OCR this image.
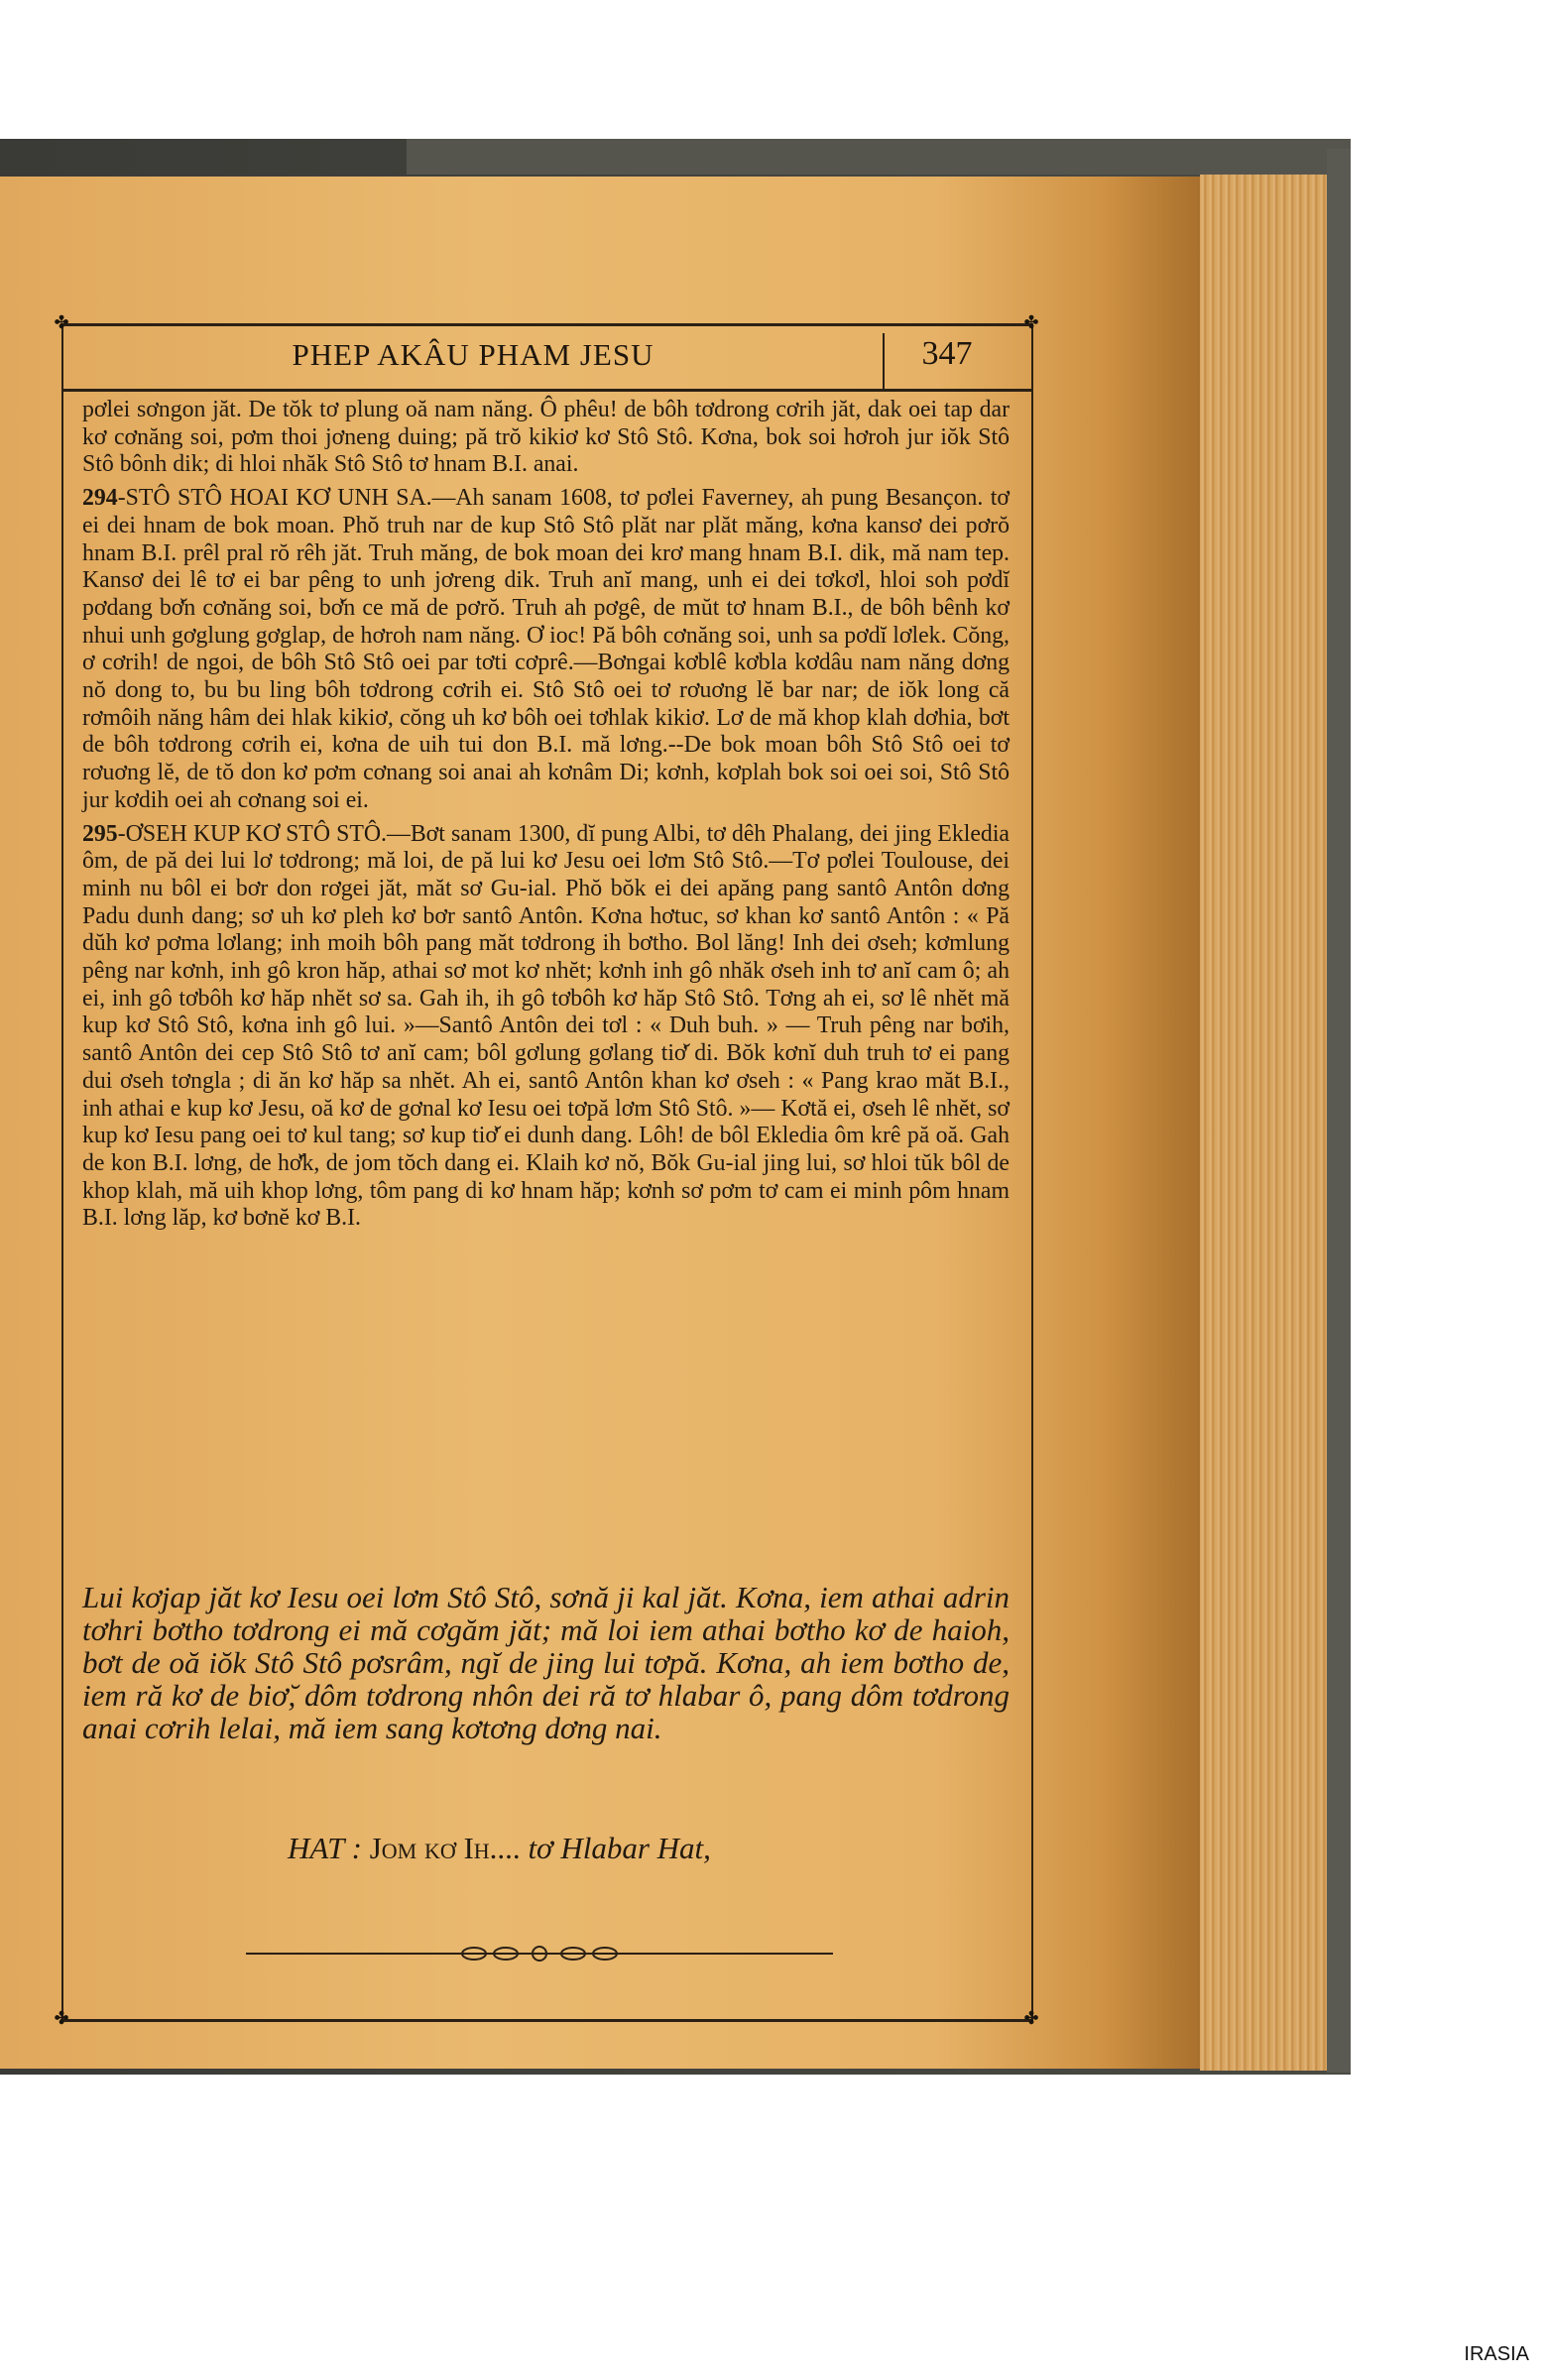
✤	✤
✤	✤
PHEP AKÂU PHAM JESU	347

pơlei sơngon jăt. De tŏk tơ plung oă nam năng. Ô phêu! de bôh tơdrong cơrih jăt, dak oei tap dar kơ cơnăng soi, pơm thoi jơneng duing; pă trŏ kikiơ kơ Stô Stô. Kơna, bok soi hơroh jur iŏk Stô Stô bônh dik; di hloi nhăk Stô Stô tơ hnam B.I. anai.

294-STÔ STÔ HOAI KƠ UNH SA.—Ah sanam 1608, tơ pơlei Faverney, ah pung Besançon. tơ ei dei hnam de bok moan. Phŏ truh nar de kup Stô Stô plăt nar plăt măng, kơna kansơ dei pơrŏ hnam B.I. prêl pral rŏ rêh jăt. Truh măng, de bok moan dei krơ mang hnam B.I. dik, mă nam tep. Kansơ dei lê tơ ei bar pêng to unh jơreng dik. Truh anĭ mang, unh ei dei tơkơl, hloi soh pơdĭ pơdang bơ̆n cơnăng soi, bơ̆n ce mă de pơrŏ. Truh ah pơgê, de mŭt tơ hnam B.I., de bôh bênh kơ nhui unh gơglung gơglap, de hơroh nam năng. Ơ ioc! Pă bôh cơnăng soi, unh sa pơdĭ lơlek. Cŏng, ơ cơrih! de ngoi, de bôh Stô Stô oei par tơti cơprê.—Bơngai kơblê kơbla kơdâu nam năng dơng nŏ dong to, bu bu ling bôh tơdrong cơrih ei. Stô Stô oei tơ rơuơng lĕ bar nar; de iŏk long că rơmôih năng hâm dei hlak kikiơ, cŏng uh kơ bôh oei tơhlak kikiơ. Lơ de mă khop klah dơhia, bơt de bôh tơdrong cơrih ei, kơna de uih tui don B.I. mă lơng.--De bok moan bôh Stô Stô oei tơ rơuơng lĕ, de tŏ don kơ pơm cơnang soi anai ah kơnâm Di; kơnh, kơplah bok soi oei soi, Stô Stô jur kơdih oei ah cơnang soi ei.

295-ƠSEH KUP KƠ STÔ STÔ.—Bơt sanam 1300, dĭ pung Albi, tơ dêh Phalang, dei jing Ekledia ôm, de pă dei lui lơ tơdrong; mă loi, de pă lui kơ Jesu oei lơm Stô Stô.—Tơ pơlei Toulouse, dei minh nu bôl ei bơr don rơgei jăt, măt sơ Gu-ial. Phŏ bŏk ei dei apăng pang santô Antôn dơng Padu dunh dang; sơ uh kơ pleh kơ bơr santô Antôn. Kơna hơtuc, sơ khan kơ santô Antôn : « Pă dŭh kơ pơma lơlang; inh moih bôh pang măt tơdrong ih bơtho. Bol lăng! Inh dei ơseh; kơmlung pêng nar kơnh, inh gô kron hăp, athai sơ mot kơ nhĕt; kơnh inh gô nhăk ơseh inh tơ anĭ cam ô; ah ei, inh gô tơbôh kơ hăp nhĕt sơ sa. Gah ih, ih gô tơbôh kơ hăp Stô Stô. Tơng ah ei, sơ lê nhĕt mă kup kơ Stô Stô, kơna inh gô lui. »—Santô Antôn dei tơl : « Duh buh. » — Truh pêng nar bơih, santô Antôn dei cep Stô Stô tơ anĭ cam; bôl gơlung gơlang tiơ̆ di. Bŏk kơnĭ duh truh tơ ei pang dui ơseh tơngla ; di ăn kơ hăp sa nhĕt. Ah ei, santô Antôn khan kơ ơseh : « Pang krao măt B.I., inh athai e kup kơ Jesu, oă kơ de gơnal kơ Iesu oei tơpă lơm Stô Stô. »— Kơtă ei, ơseh lê nhĕt, sơ kup kơ Iesu pang oei tơ kul tang; sơ kup tiơ̆ ei dunh dang. Lôh! de bôl Ekledia ôm krê pă oă. Gah de kon B.I. lơng, de hơ̆k, de jom tŏch dang ei. Klaih kơ nŏ, Bŏk Gu-ial jing lui, sơ hloi tŭk bôl de khop klah, mă uih khop lơng, tôm pang di kơ hnam hăp; kơnh sơ pơm tơ cam ei minh pôm hnam B.I. lơng lăp, kơ bơnĕ kơ B.I.

Lui kơjap jăt kơ Iesu oei lơm Stô Stô, sơnă ji kal jăt. Kơna, iem athai adrin tơhri bơtho tơdrong ei mă cơgăm jăt; mă loi iem athai bơtho kơ de haioh, bơt de oă iŏk Stô Stô pơsrâm, ngĭ de jing lui tơpă. Kơna, ah iem bơtho de, iem ră kơ de biơ̆, dôm tơdrong nhôn dei ră tơ hlabar ô, pang dôm tơdrong anai cơrih lelai, mă iem sang kơtơng dơng nai.
HAT : Jom kơ Ih.... tơ Hlabar Hat,
IRASIA
